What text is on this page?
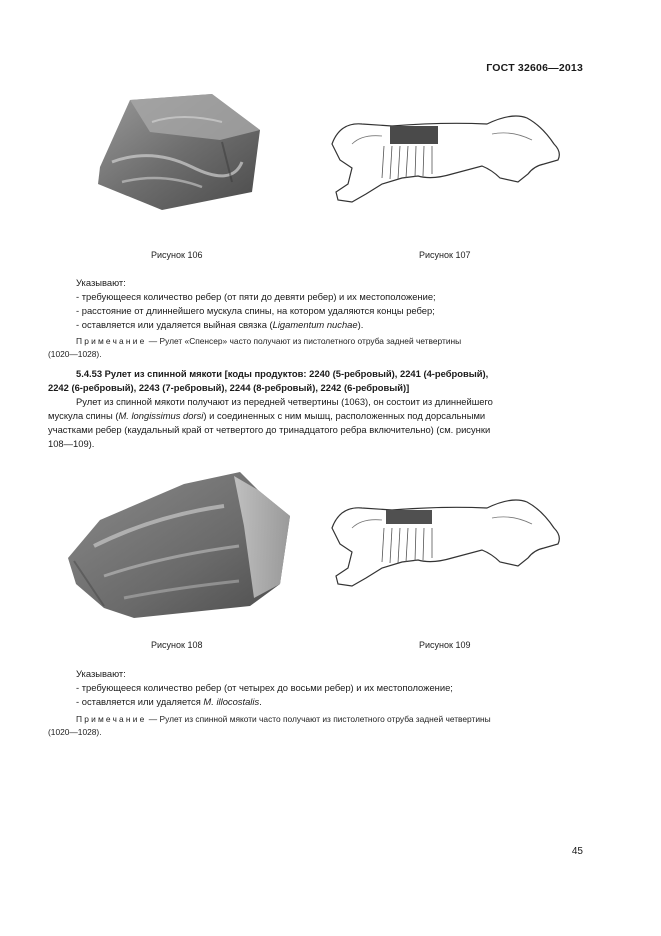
ГОСТ 32606—2013
Рисунок 106	Рисунок 107
Указывают:
- требующееся количество ребер (от пяти до девяти ребер) и их местоположение;
- расстояние от длиннейшего мускула спины, на котором удаляются концы ребер;
- оставляется или удаляется выйная связка (Ligamentum nuchae).
Примечание — Рулет «Спенсер» часто получают из пистолетного отруба задней четвертины
(1020—1028).
5.4.53 Рулет из спинной мякоти [коды продуктов: 2240 (5-ребровый), 2241 (4-ребровый),
2242 (6-ребровый), 2243 (7-ребровый), 2244 (8-ребровый), 2242 (6-ребровый)]
Рулет из спинной мякоти получают из передней четвертины (1063), он состоит из длиннейшего
мускула спины (M. longissimus dorsi) и соединенных с ним мышц, расположенных под дорсальными
участками ребер (каудальный край от четвертого до тринадцатого ребра включительно) (см. рисунки
108—109).
Рисунок 108	Рисунок 109
Указывают:
- требующееся количество ребер (от четырех до восьми ребер) и их местоположение;
- оставляется или удаляется M. illocostalis.
Примечание — Рулет из спинной мякоти часто получают из пистолетного отруба задней четвертины
(1020—1028).
45
